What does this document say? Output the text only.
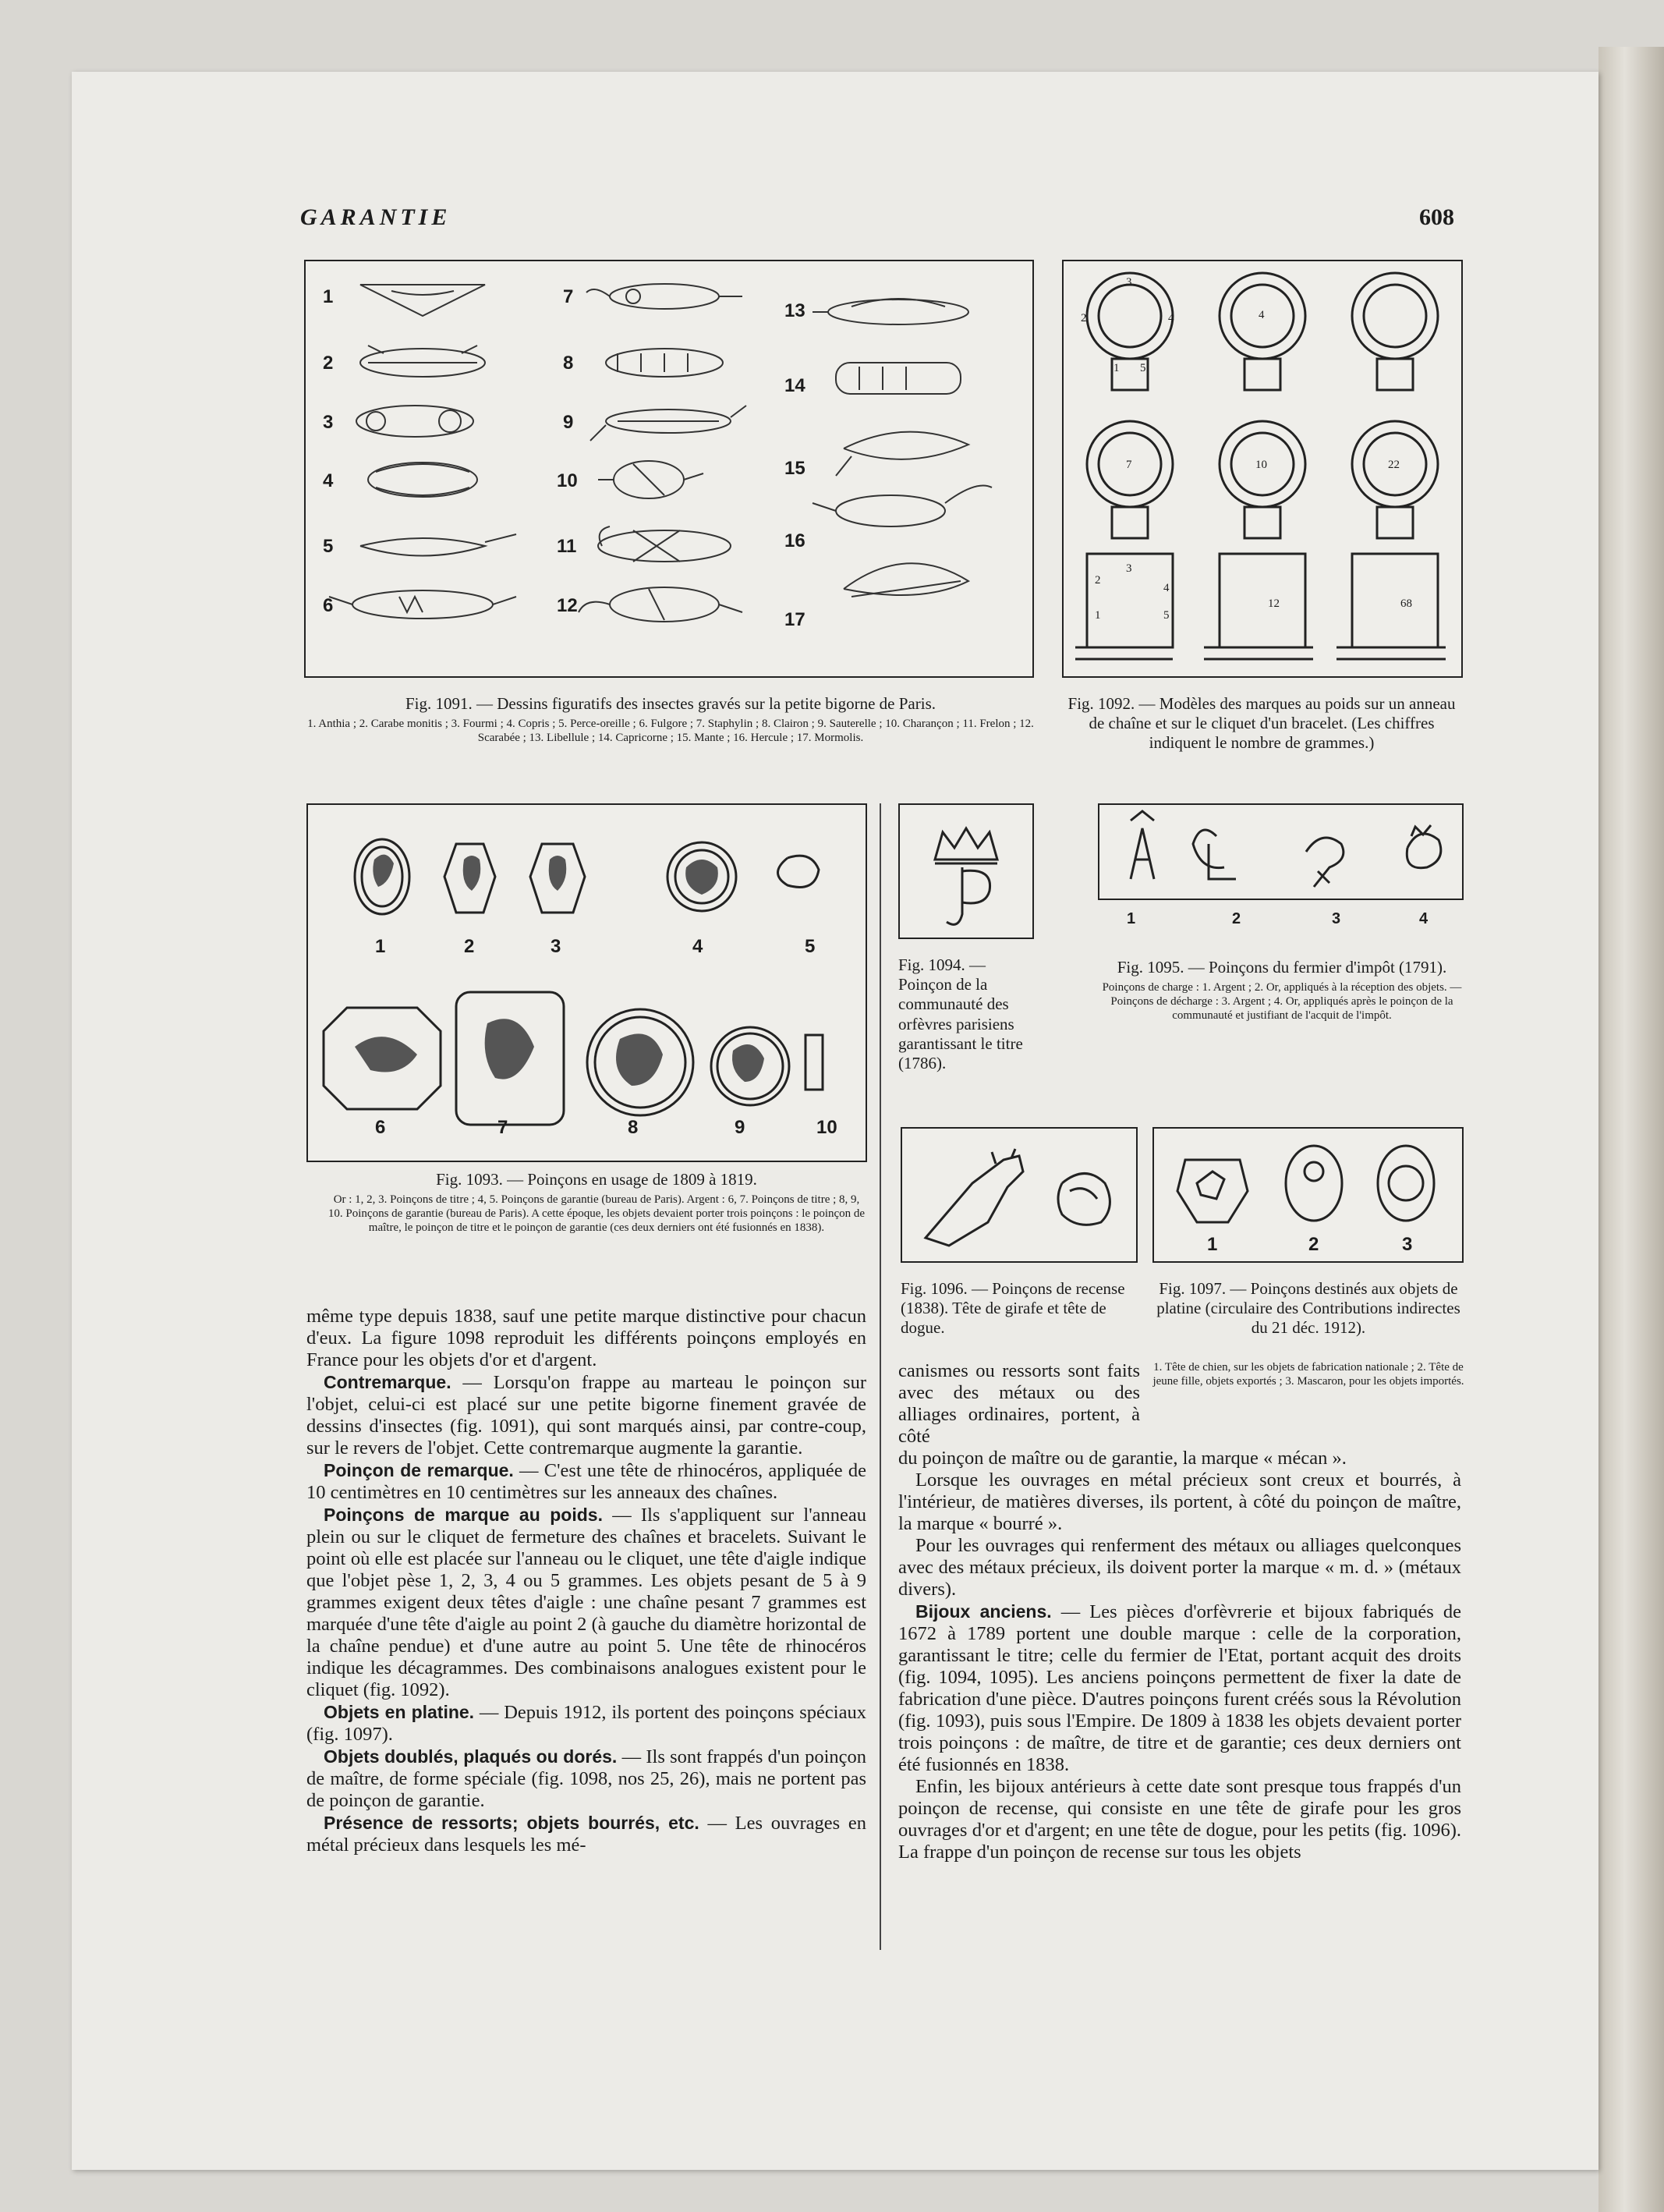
GARANTIE	608
1
2
3
4
5
6
7
8
9
10
11
12
13
14
15
16
17
Fig. 1091. — Dessins figuratifs des insectes gravés sur la petite bigorne de Paris.
1. Anthia ; 2. Carabe monitis ; 3. Fourmi ; 4. Copris ; 5. Perce-oreille ; 6. Fulgore ; 7. Staphylin ; 8. Clairon ; 9. Sauterelle ; 10. Charançon ; 11. Frelon ; 12. Scarabée ; 13. Libellule ; 14. Capricorne ; 15. Mante ; 16. Hercule ; 17. Mormolis.
3
2	4
1 5
4
7	10	22
2
3
1
4
5
12	68
Fig. 1092. — Modèles des marques au poids sur un anneau de chaîne et sur le cliquet d'un bracelet. (Les chiffres indiquent le nombre de grammes.)
1	2	3	4	5
6	7	8	9	10
Fig. 1093. — Poinçons en usage de 1809 à 1819.
Or : 1, 2, 3. Poinçons de titre ; 4, 5. Poinçons de garantie (bureau de Paris). Argent : 6, 7. Poinçons de titre ; 8, 9, 10. Poinçons de garantie (bureau de Paris). A cette époque, les objets devaient porter trois poinçons : le poinçon de maître, le poinçon de titre et le poinçon de garantie (ces deux derniers ont été fusionnés en 1838).
Fig. 1094. — Poinçon de la communauté des orfèvres parisiens garantissant le titre (1786).
1	2	3	4
Fig. 1095. — Poinçons du fermier d'impôt (1791).
Poinçons de charge : 1. Argent ; 2. Or, appliqués à la réception des objets. — Poinçons de décharge : 3. Argent ; 4. Or, appliqués après le poinçon de la communauté et justifiant de l'acquit de l'impôt.
Fig. 1096. — Poinçons de recense (1838). Tête de girafe et tête de dogue.
1	2	3
Fig. 1097. — Poinçons destinés aux objets de platine (circulaire des Contributions indirectes du 21 déc. 1912).
1. Tête de chien, sur les objets de fabrication nationale ; 2. Tête de jeune fille, objets exportés ; 3. Mascaron, pour les objets importés.

même type depuis 1838, sauf une petite marque distinctive pour chacun d'eux. La figure 1098 reproduit les différents poinçons employés en France pour les objets d'or et d'argent.

Contremarque. — Lorsqu'on frappe au marteau le poinçon sur l'objet, celui-ci est placé sur une petite bigorne finement gravée de dessins d'insectes (fig. 1091), qui sont marqués ainsi, par contre-coup, sur le revers de l'objet. Cette contremarque augmente la garantie.

Poinçon de remarque. — C'est une tête de rhinocéros, appliquée de 10 centimètres en 10 centimètres sur les anneaux des chaînes.

Poinçons de marque au poids. — Ils s'appliquent sur l'anneau plein ou sur le cliquet de fermeture des chaînes et bracelets. Suivant le point où elle est placée sur l'anneau ou le cliquet, une tête d'aigle indique que l'objet pèse 1, 2, 3, 4 ou 5 grammes. Les objets pesant de 5 à 9 grammes exigent deux têtes d'aigle : une chaîne pesant 7 grammes est marquée d'une tête d'aigle au point 2 (à gauche du diamètre horizontal de la chaîne pendue) et d'une autre au point 5. Une tête de rhinocéros indique les décagrammes. Des combinaisons analogues existent pour le cliquet (fig. 1092).

Objets en platine. — Depuis 1912, ils portent des poinçons spéciaux (fig. 1097).

Objets doublés, plaqués ou dorés. — Ils sont frappés d'un poinçon de maître, de forme spéciale (fig. 1098, nos 25, 26), mais ne portent pas de poinçon de garantie.

Présence de ressorts; objets bourrés, etc. — Les ouvrages en métal précieux dans lesquels les mé-

canismes ou ressorts sont faits avec des métaux ou des alliages ordinaires, portent, à côté

du poinçon de maître ou de garantie, la marque « mécan ».

Lorsque les ouvrages en métal précieux sont creux et bourrés, à l'intérieur, de matières diverses, ils portent, à côté du poinçon de maître, la marque « bourré ».

Pour les ouvrages qui renferment des métaux ou alliages quelconques avec des métaux précieux, ils doivent porter la marque « m. d. » (métaux divers).

Bijoux anciens. — Les pièces d'orfèvrerie et bijoux fabriqués de 1672 à 1789 portent une double marque : celle de la corporation, garantissant le titre; celle du fermier de l'Etat, portant acquit des droits (fig. 1094, 1095). Les anciens poinçons permettent de fixer la date de fabrication d'une pièce. D'autres poinçons furent créés sous la Révolution (fig. 1093), puis sous l'Empire. De 1809 à 1838 les objets devaient porter trois poinçons : de maître, de titre et de garantie; ces deux derniers ont été fusionnés en 1838.

Enfin, les bijoux antérieurs à cette date sont presque tous frappés d'un poinçon de recense, qui consiste en une tête de girafe pour les gros ouvrages d'or et d'argent; en une tête de dogue, pour les petits (fig. 1096). La frappe d'un poinçon de recense sur tous les objets
